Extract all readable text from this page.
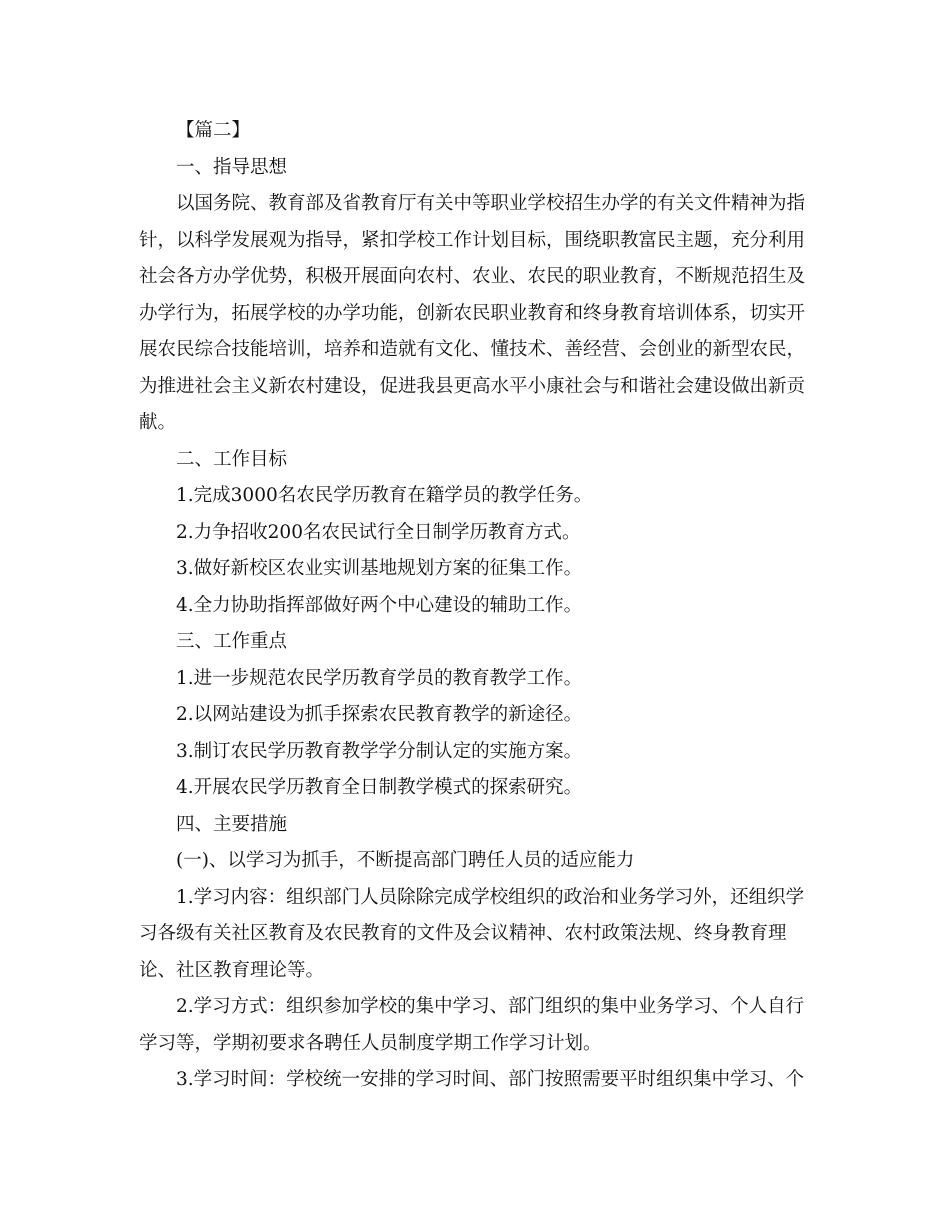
【篇二】

一、指导思想

以国务院、教育部及省教育厅有关中等职业学校招生办学的有关文件精神为指针，以科学发展观为指导，紧扣学校工作计划目标，围绕职教富民主题，充分利用社会各方办学优势，积极开展面向农村、农业、农民的职业教育，不断规范招生及办学行为，拓展学校的办学功能，创新农民职业教育和终身教育培训体系，切实开展农民综合技能培训，培养和造就有文化、懂技术、善经营、会创业的新型农民，为推进社会主义新农村建设，促进我县更高水平小康社会与和谐社会建设做出新贡献。

二、工作目标

1.完成3000名农民学历教育在籍学员的教学任务。

2.力争招收200名农民试行全日制学历教育方式。

3.做好新校区农业实训基地规划方案的征集工作。

4.全力协助指挥部做好两个中心建设的辅助工作。

三、工作重点

1.进一步规范农民学历教育学员的教育教学工作。

2.以网站建设为抓手探索农民教育教学的新途径。

3.制订农民学历教育教学学分制认定的实施方案。

4.开展农民学历教育全日制教学模式的探索研究。

四、主要措施

(一)、以学习为抓手，不断提高部门聘任人员的适应能力

1.学习内容：组织部门人员除除完成学校组织的政治和业务学习外，还组织学习各级有关社区教育及农民教育的文件及会议精神、农村政策法规、终身教育理论、社区教育理论等。

2.学习方式：组织参加学校的集中学习、部门组织的集中业务学习、个人自行学习等，学期初要求各聘任人员制度学期工作学习计划。

3.学习时间：学校统一安排的学习时间、部门按照需要平时组织集中学习、个
